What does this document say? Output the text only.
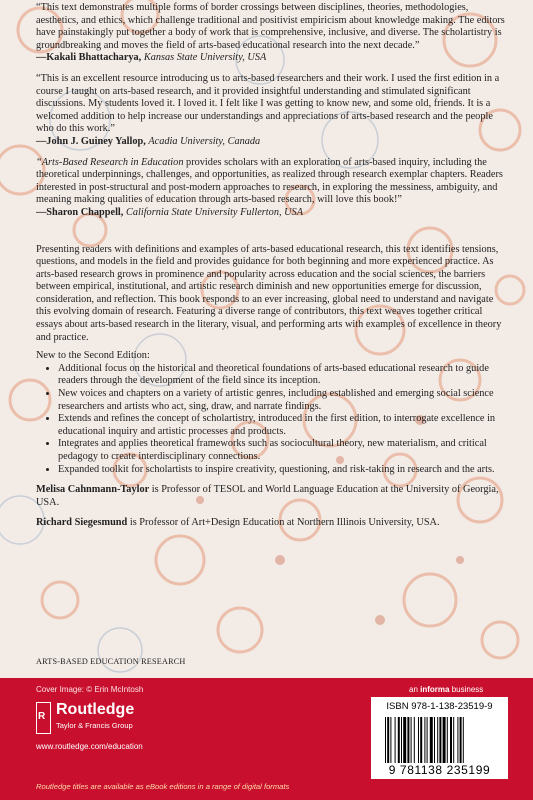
“This text demonstrates multiple forms of border crossings between disciplines, theories, methodologies, aesthetics, and ethics, which challenge traditional and positivist empiricism about knowledge making. The editors have painstakingly put together a body of work that is comprehensive, inclusive, and diverse. The scholartistry is groundbreaking and moves the field of arts-based educational research into the next decade.”

—Kakali Bhattacharya, Kansas State University, USA

“This is an excellent resource introducing us to arts-based researchers and their work. I used the first edition in a course I taught on arts-based research, and it provided insightful understanding and stimulated significant discussions. My students loved it. I loved it. I felt like I was getting to know new, and some old, friends. It is a welcomed addition to help increase our understandings and appreciations of arts-based research and the people who do this work.”

—John J. Guiney Yallop, Acadia University, Canada

“Arts-Based Research in Education provides scholars with an exploration of arts-based inquiry, including the theoretical underpinnings, challenges, and opportunities, as realized through research exemplar chapters. Readers interested in post-structural and post-modern approaches to research, in exploring the messiness, ambiguity, and meaning making qualities of education through arts-based research, will love this book!”

—Sharon Chappell, California State University Fullerton, USA

Presenting readers with definitions and examples of arts-based educational research, this text identifies tensions, questions, and models in the field and provides guidance for both beginning and more experienced practice. As arts-based research grows in prominence and popularity across education and the social sciences, the barriers between empirical, institutional, and artistic research diminish and new opportunities emerge for discussion, consideration, and reflection. This book responds to an ever increasing, global need to understand and navigate this evolving domain of research. Featuring a diverse range of contributors, this text weaves together critical essays about arts-based research in the literary, visual, and performing arts with examples of excellence in theory and practice.

New to the Second Edition:

• Additional focus on the historical and theoretical foundations of arts-based educational research to guide readers through the development of the field since its inception.
• New voices and chapters on a variety of artistic genres, including established and emerging social science researchers and artists who act, sing, draw, and narrate findings.
• Extends and refines the concept of scholartistry, introduced in the first edition, to interrogate excellence in educational inquiry and artistic processes and products.
• Integrates and applies theoretical frameworks such as sociocultural theory, new materialism, and critical pedagogy to create interdisciplinary connections.
• Expanded toolkit for scholartists to inspire creativity, questioning, and risk-taking in research and the arts.

Melisa Cahnmann-Taylor is Professor of TESOL and World Language Education at the University of Georgia, USA.

Richard Siegesmund is Professor of Art+Design Education at Northern Illinois University, USA.

ARTS-BASED EDUCATION RESEARCH
Cover Image: © Erin McIntosh
R Routledge
Taylor & Francis Group
www.routledge.com/education
Routledge titles are available as eBook editions in a range of digital formats
an informa business
ISBN 978-1-138-23519-9
9 781138 235199
